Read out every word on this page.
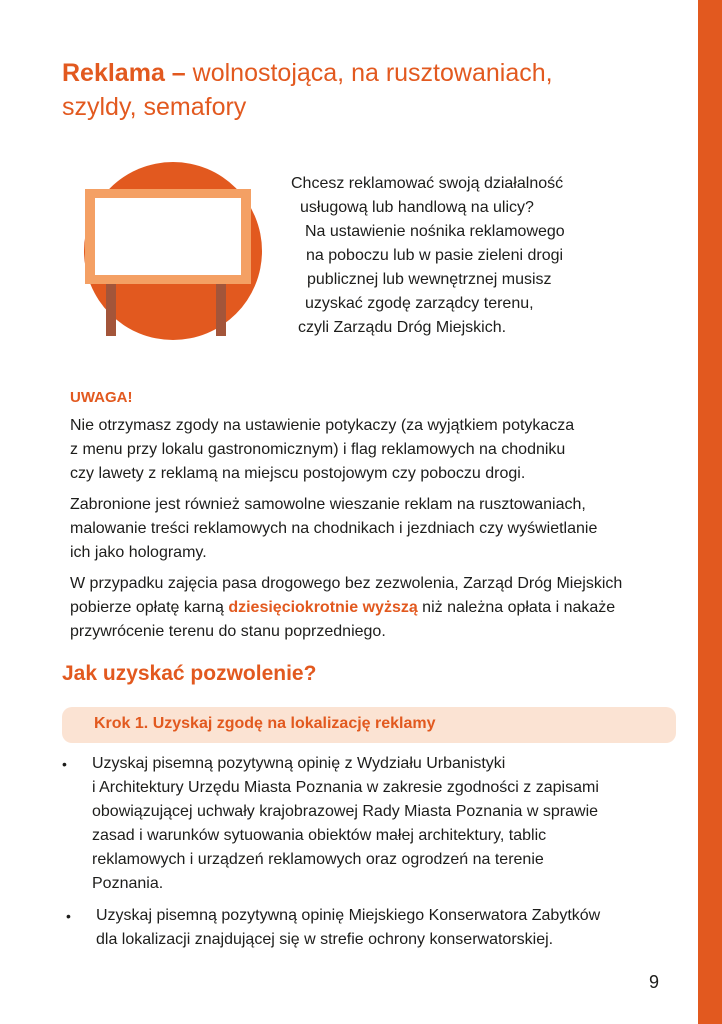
Reklama – wolnostojąca, na rusztowaniach,
szyldy, semafory
Chcesz reklamować swoją działalność
usługową lub handlową na ulicy?
Na ustawienie nośnika reklamowego
na poboczu lub w pasie zieleni drogi
publicznej lub wewnętrznej musisz
uzyskać zgodę zarządcy terenu,
czyli Zarządu Dróg Miejskich.
UWAGA!
Nie otrzymasz zgody na ustawienie potykaczy (za wyjątkiem potykacza
z menu przy lokalu gastronomicznym) i flag reklamowych na chodniku
czy lawety z reklamą na miejscu postojowym czy poboczu drogi.
Zabronione jest również samowolne wieszanie reklam na rusztowaniach,
malowanie treści reklamowych na chodnikach i jezdniach czy wyświetlanie
ich jako hologramy.
W przypadku zajęcia pasa drogowego bez zezwolenia, Zarząd Dróg Miejskich
pobierze opłatę karną dziesięciokrotnie wyższą niż należna opłata i nakaże
przywrócenie terenu do stanu poprzedniego.
Jak uzyskać pozwolenie?
Krok 1. Uzyskaj zgodę na lokalizację reklamy
• Uzyskaj pisemną pozytywną opinię z Wydziału Urbanistyki
i Architektury Urzędu Miasta Poznania w zakresie zgodności z zapisami
obowiązującej uchwały krajobrazowej Rady Miasta Poznania w sprawie
zasad i warunków sytuowania obiektów małej architektury, tablic
reklamowych i urządzeń reklamowych oraz ogrodzeń na terenie
Poznania.
• Uzyskaj pisemną pozytywną opinię Miejskiego Konserwatora Zabytków
dla lokalizacji znajdującej się w strefie ochrony konserwatorskiej.
9
